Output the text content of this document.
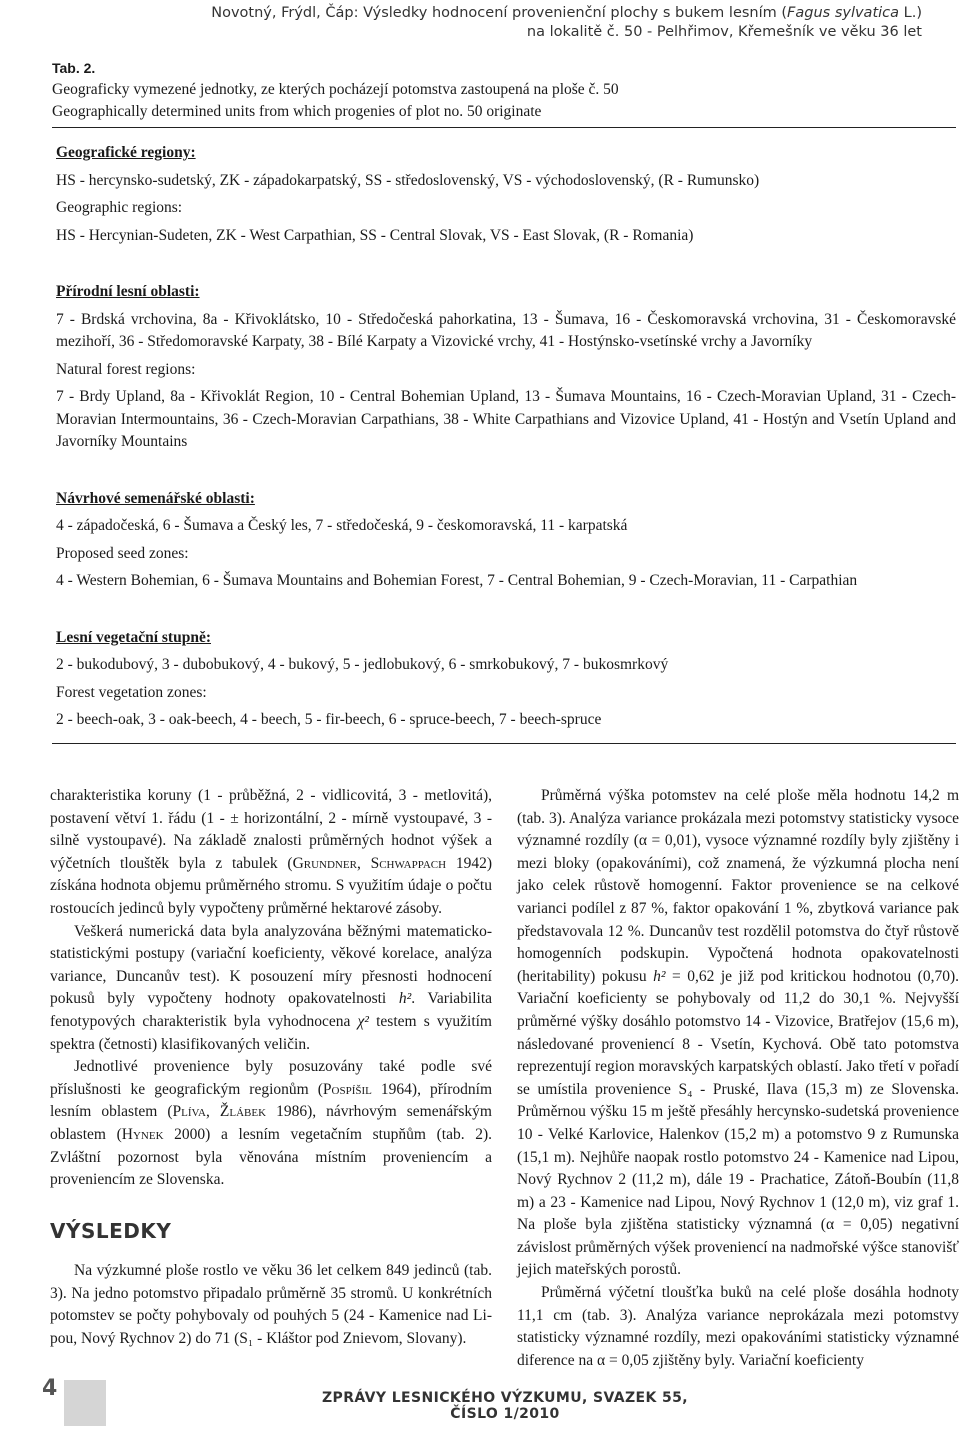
Novotný, Frýdl, Čáp: Výsledky hodnocení provenienční plochy s bukem lesním (Fagus sylvatica L.)
na lokalitě č. 50 - Pelhřimov, Křemešník ve věku 36 let

Tab. 2.

Geograficky vymezené jednotky, ze kterých pocházejí potomstva zastoupená na ploše č. 50

Geographically determined units from which progenies of plot no. 50 originate

Geografické regiony:

HS - hercynsko-sudetský, ZK - západokarpatský, SS - středoslovenský, VS - východoslovenský, (R - Rumunsko)

Geographic regions:

HS - Hercynian-Sudeten, ZK - West Carpathian, SS - Central Slovak, VS - East Slovak, (R - Romania)

Přírodní lesní oblasti:

7 - Brdská vrchovina, 8a - Křivoklátsko, 10 - Středočeská pahorkatina, 13 - Šumava, 16 - Českomoravská vrchovina, 31 - Českomoravské mezihoří, 36 - Středomoravské Karpaty, 38 - Bílé Karpaty a Vizovické vrchy, 41 - Hostýnsko-vsetínské vrchy a Javorníky

Natural forest regions:

7 - Brdy Upland, 8a - Křivoklát Region, 10 - Central Bohemian Upland, 13 - Šumava Mountains, 16 - Czech-Moravian Upland, 31 - Czech-Moravian Intermountains, 36 - Czech-Moravian Carpathians, 38 - White Carpathians and Vizovice Upland, 41 - Hostýn and Vsetín Upland and Javorníky Mountains

Návrhové semenářské oblasti:

4 - západočeská, 6 - Šumava a Český les, 7 - středočeská, 9 - českomoravská, 11 - karpatská

Proposed seed zones:

4 - Western Bohemian, 6 - Šumava Mountains and Bohemian Forest, 7 - Central Bohemian, 9 - Czech-Moravian, 11 - Carpathian

Lesní vegetační stupně:

2 - bukodubový, 3 - dubobukový, 4 - bukový, 5 - jedlobukový, 6 - smrkobukový, 7 - bukosmrkový

Forest vegetation zones:

2 - beech-oak, 3 - oak-beech, 4 - beech, 5 - fir-beech, 6 - spruce-beech, 7 - beech-spruce

charakteristika koruny (1 - průběžná, 2 - vidlicovitá, 3 - metlovitá), postavení větví 1. řádu (1 - ± horizontální, 2 - mírně vystoupavé, 3 - silně vystoupavé). Na základě znalosti průměrných hodnot výšek a výčetních tlouštěk byla z tabulek (Grundner, Schwappach 1942) získána hodnota objemu průměrného stromu. S využitím údaje o počtu rostoucích jedinců byly vypočteny průměrné hektarové zásoby.

Veškerá numerická data byla analyzována běžnými matematicko-statistickými postupy (variační koeficienty, věkové korelace, analýza variance, Duncanův test). K posouzení míry přesnosti hodnocení pokusů byly vypočteny hodnoty opakovatelnosti h². Variabilita fenotypových charakteristik byla vyhodnocena χ² testem s využitím spektra (četnosti) klasifikovaných veličin.

Jednotlivé provenience byly posuzovány také podle své příslušnosti ke geografickým regionům (Pospíšil 1964), přírodním lesním oblastem (Plíva, Žlábek 1986), návrhovým semenářským oblastem (Hynek 2000) a lesním vegetačním stupňům (tab. 2). Zvláštní pozornost byla věnována místním proveniencím a proveniencím ze Slovenska.

VÝSLEDKY

Na výzkumné ploše rostlo ve věku 36 let celkem 849 jedinců (tab. 3). Na jedno potomstvo připadalo průměrně 35 stromů. U konkrétních potomstev se počty pohybovaly od pouhých 5 (24 - Kamenice nad Li-pou, Nový Rychnov 2) do 71 (S₁ - Kláštor pod Znievom, Slovany).

Průměrná výška potomstev na celé ploše měla hodnotu 14,2 m (tab. 3). Analýza variance prokázala mezi potomstvy statisticky vysoce významné rozdíly (α = 0,01), vysoce významné rozdíly byly zjištěny i mezi bloky (opakováními), což znamená, že výzkumná plocha není jako celek růstově homogenní. Faktor provenience se na celkové varianci podílel z 87 %, faktor opakování 1 %, zbytková variance pak představovala 12 %. Duncanův test rozdělil potomstva do čtyř růstově homogenních podskupin. Vypočtená hodnota opakovatelnosti (heritability) pokusu h² = 0,62 je již pod kritickou hodnotou (0,70). Variační koeficienty se pohybovaly od 11,2 do 30,1 %. Nejvyšší průměrné výšky dosáhlo potomstvo 14 - Vizovice, Bratřejov (15,6 m), následované proveniencí 8 - Vsetín, Kychová. Obě tato potomstva reprezentují region moravských karpatských oblastí. Jako třetí v pořadí se umístila provenience S₄ - Pruské, Ilava (15,3 m) ze Slovenska. Průměrnou výšku 15 m ještě přesáhly hercynsko-sudetská provenience 10 - Velké Karlovice, Halenkov (15,2 m) a potomstvo 9 z Rumunska (15,1 m). Nejhůře naopak rostlo potomstvo 24 - Kamenice nad Lipou, Nový Rychnov 2 (11,2 m), dále 19 - Prachatice, Zátoň-Boubín (11,8 m) a 23 - Kamenice nad Lipou, Nový Rychnov 1 (12,0 m), viz graf 1. Na ploše byla zjištěna statisticky významná (α = 0,05) negativní závislost průměrných výšek proveniencí na nadmořské výšce stanovišť jejich mateřských porostů.

Průměrná výčetní tloušťka buků na celé ploše dosáhla hodnoty 11,1 cm (tab. 3). Analýza variance neprokázala mezi potomstvy statisticky významné rozdíly, mezi opakováními statisticky významné diference na α = 0,05 zjištěny byly. Variační koeficienty

4	ZPRÁVY LESNICKÉHO VÝZKUMU, SVAZEK 55, ČÍSLO 1/2010
